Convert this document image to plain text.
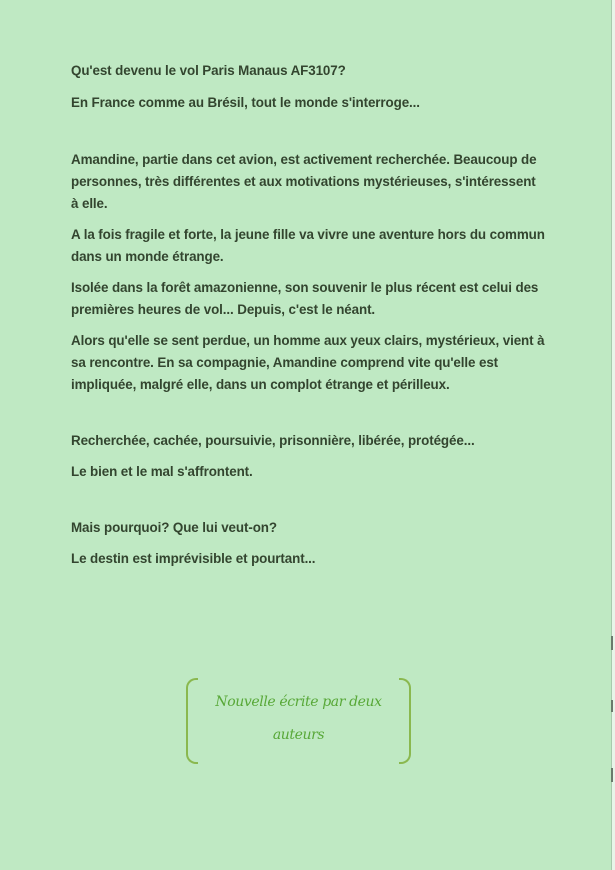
Qu'est devenu le vol Paris Manaus AF3107?

En France comme au Brésil, tout le monde s'interroge...

Amandine, partie dans cet avion, est activement recherchée. Beaucoup de personnes, très différentes et aux motivations mystérieuses, s'intéressent à elle.

A la fois fragile et forte, la jeune fille va vivre une aventure hors du commun dans un monde étrange.

Isolée dans la forêt amazonienne, son souvenir le plus récent est celui des premières heures de vol... Depuis, c'est le néant.

Alors qu'elle se sent perdue, un homme aux yeux clairs, mystérieux, vient à sa rencontre. En sa compagnie, Amandine comprend vite qu'elle est impliquée, malgré elle, dans un complot étrange et périlleux.

Recherchée, cachée, poursuivie, prisonnière, libérée, protégée...

Le bien et le mal s'affrontent.

Mais pourquoi? Que lui veut-on?

Le destin est imprévisible et pourtant...

Nouvelle écrite par deux auteurs
